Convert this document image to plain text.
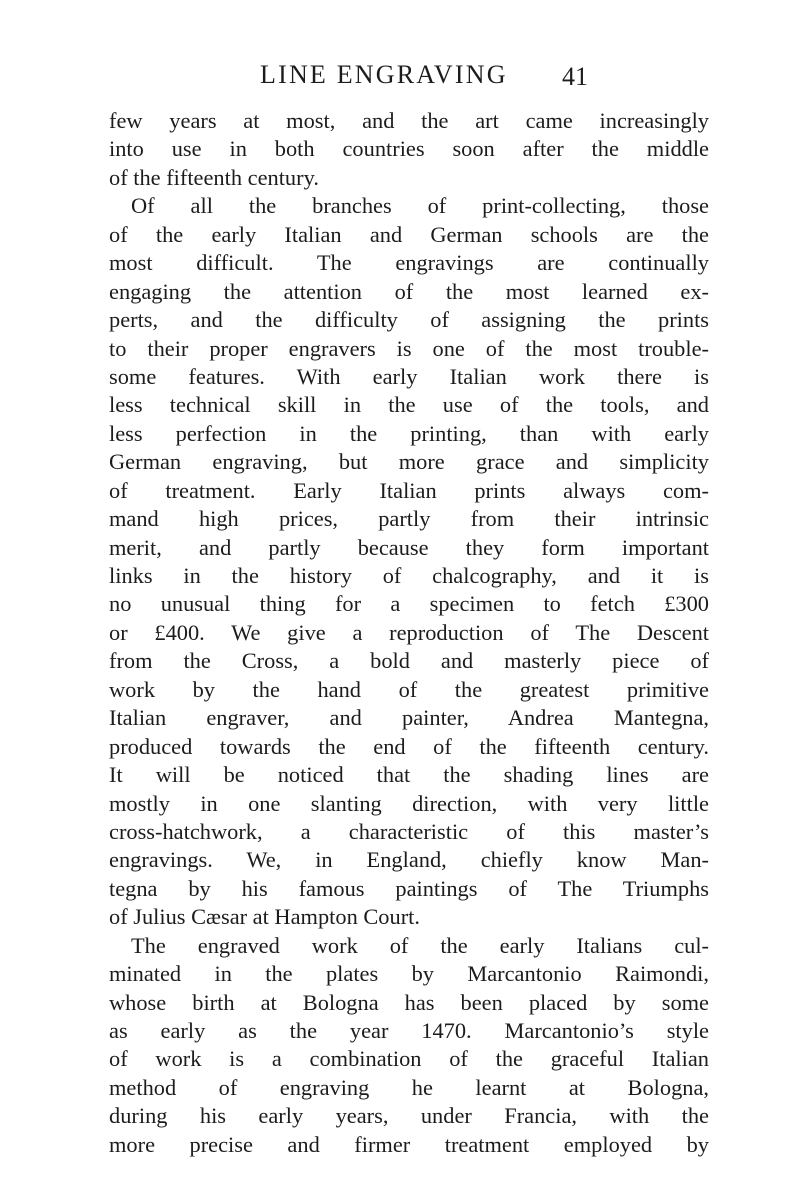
LINE ENGRAVING 41
few years at most, and the art came increasingly
into use in both countries soon after the middle
of the fifteenth century.
Of all the branches of print-collecting, those
of the early Italian and German schools are the
most difficult. The engravings are continually
engaging the attention of the most learned ex-
perts, and the difficulty of assigning the prints
to their proper engravers is one of the most trouble-
some features. With early Italian work there is
less technical skill in the use of the tools, and
less perfection in the printing, than with early
German engraving, but more grace and simplicity
of treatment. Early Italian prints always com-
mand high prices, partly from their intrinsic
merit, and partly because they form important
links in the history of chalcography, and it is
no unusual thing for a specimen to fetch £300
or £400. We give a reproduction of The Descent
from the Cross, a bold and masterly piece of
work by the hand of the greatest primitive
Italian engraver, and painter, Andrea Mantegna,
produced towards the end of the fifteenth century.
It will be noticed that the shading lines are
mostly in one slanting direction, with very little
cross-hatchwork, a characteristic of this master’s
engravings. We, in England, chiefly know Man-
tegna by his famous paintings of The Triumphs
of Julius Cæsar at Hampton Court.
The engraved work of the early Italians cul-
minated in the plates by Marcantonio Raimondi,
whose birth at Bologna has been placed by some
as early as the year 1470. Marcantonio’s style
of work is a combination of the graceful Italian
method of engraving he learnt at Bologna,
during his early years, under Francia, with the
more precise and firmer treatment employed by
